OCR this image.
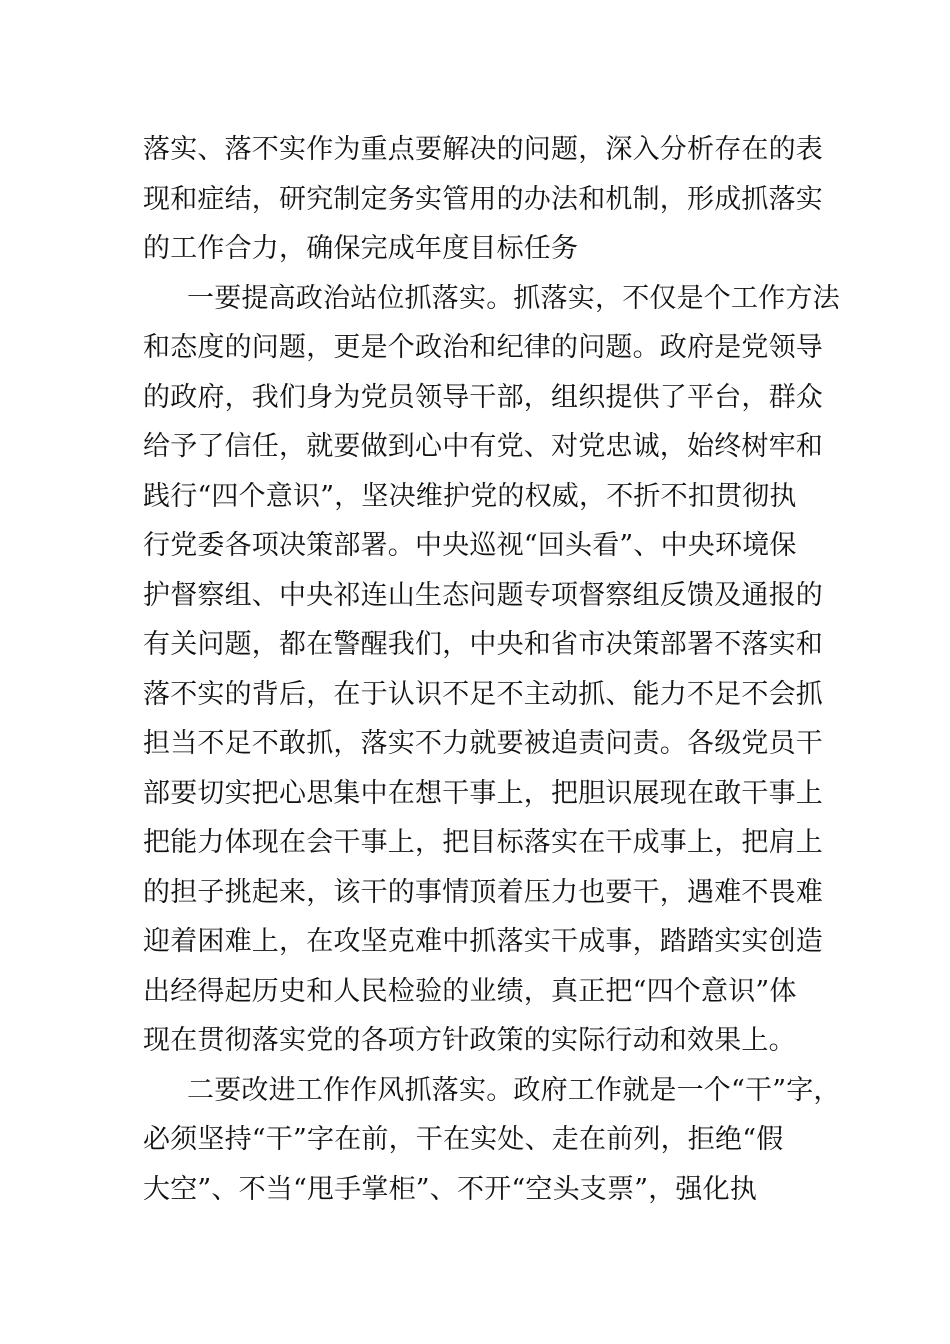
落实、落不实作为重点要解决的问题，深入分析存在的表
现和症结，研究制定务实管用的办法和机制，形成抓落实
的工作合力，确保完成年度目标任务
一要提高政治站位抓落实。抓落实，不仅是个工作方法
和态度的问题，更是个政治和纪律的问题。政府是党领导
的政府，我们身为党员领导干部，组织提供了平台，群众
给予了信任，就要做到心中有党、对党忠诚，始终树牢和
践行“四个意识”，坚决维护党的权威，不折不扣贯彻执
行党委各项决策部署。中央巡视“回头看”、中央环境保
护督察组、中央祁连山生态问题专项督察组反馈及通报的
有关问题，都在警醒我们，中央和省市决策部署不落实和
落不实的背后，在于认识不足不主动抓、能力不足不会抓
担当不足不敢抓，落实不力就要被追责问责。各级党员干
部要切实把心思集中在想干事上，把胆识展现在敢干事上
把能力体现在会干事上，把目标落实在干成事上，把肩上
的担子挑起来，该干的事情顶着压力也要干，遇难不畏难
迎着困难上，在攻坚克难中抓落实干成事，踏踏实实创造
出经得起历史和人民检验的业绩，真正把“四个意识”体
现在贯彻落实党的各项方针政策的实际行动和效果上。
二要改进工作作风抓落实。政府工作就是一个“干”字，
必须坚持“干”字在前，干在实处、走在前列，拒绝“假
大空”、不当“甩手掌柜”、不开“空头支票”，强化执
